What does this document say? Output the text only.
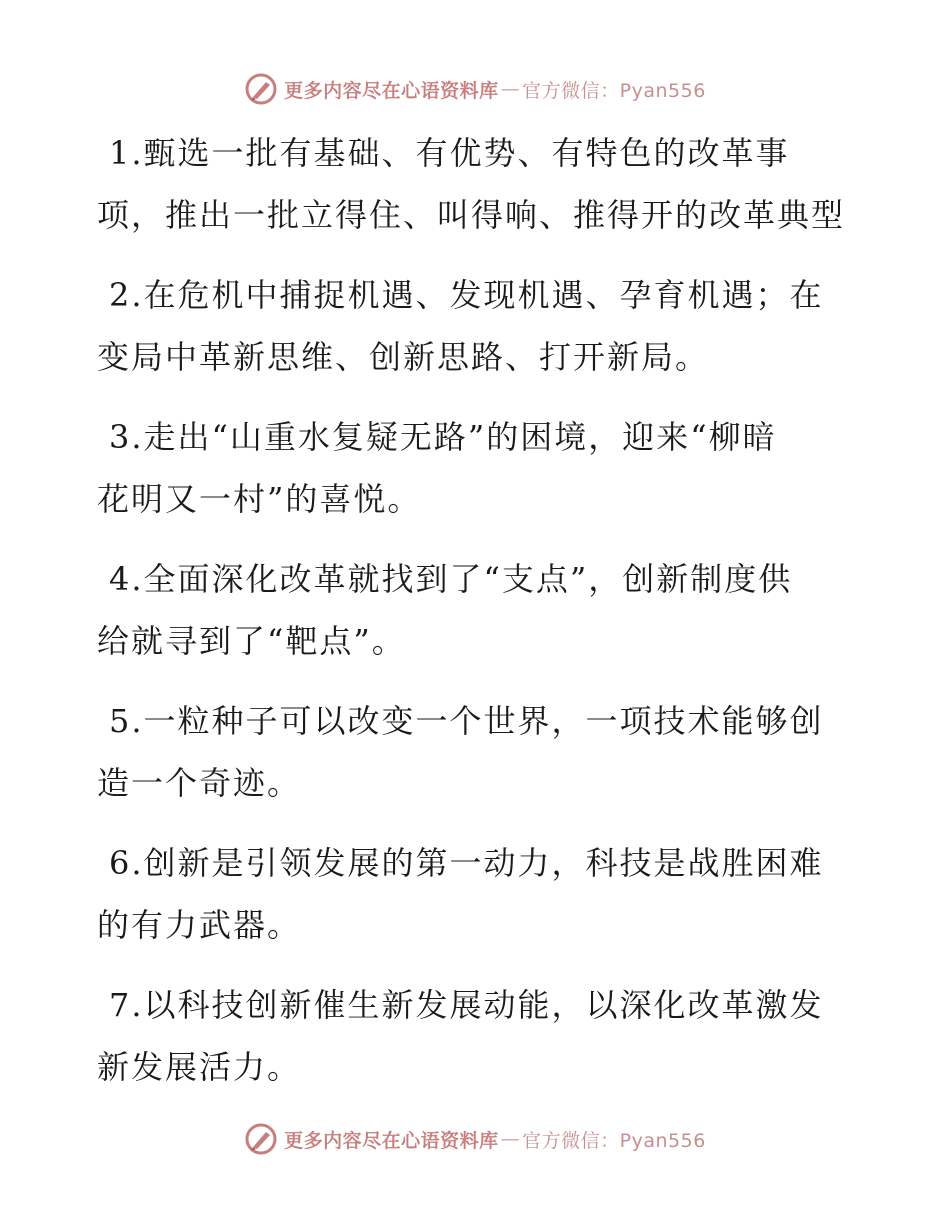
更多内容尽在心语资料库 — 官方微信：Pyan556
1.甄选一批有基础、有优势、有特色的改革事
项，推出一批立得住、叫得响、推得开的改革典型
2.在危机中捕捉机遇、发现机遇、孕育机遇；在
变局中革新思维、创新思路、打开新局。
3.走出“山重水复疑无路”的困境，迎来“柳暗
花明又一村”的喜悦。
4.全面深化改革就找到了“支点”，创新制度供
给就寻到了“靶点”。
5.一粒种子可以改变一个世界，一项技术能够创
造一个奇迹。
6.创新是引领发展的第一动力，科技是战胜困难
的有力武器。
7.以科技创新催生新发展动能，以深化改革激发
新发展活力。
更多内容尽在心语资料库 — 官方微信：Pyan556
